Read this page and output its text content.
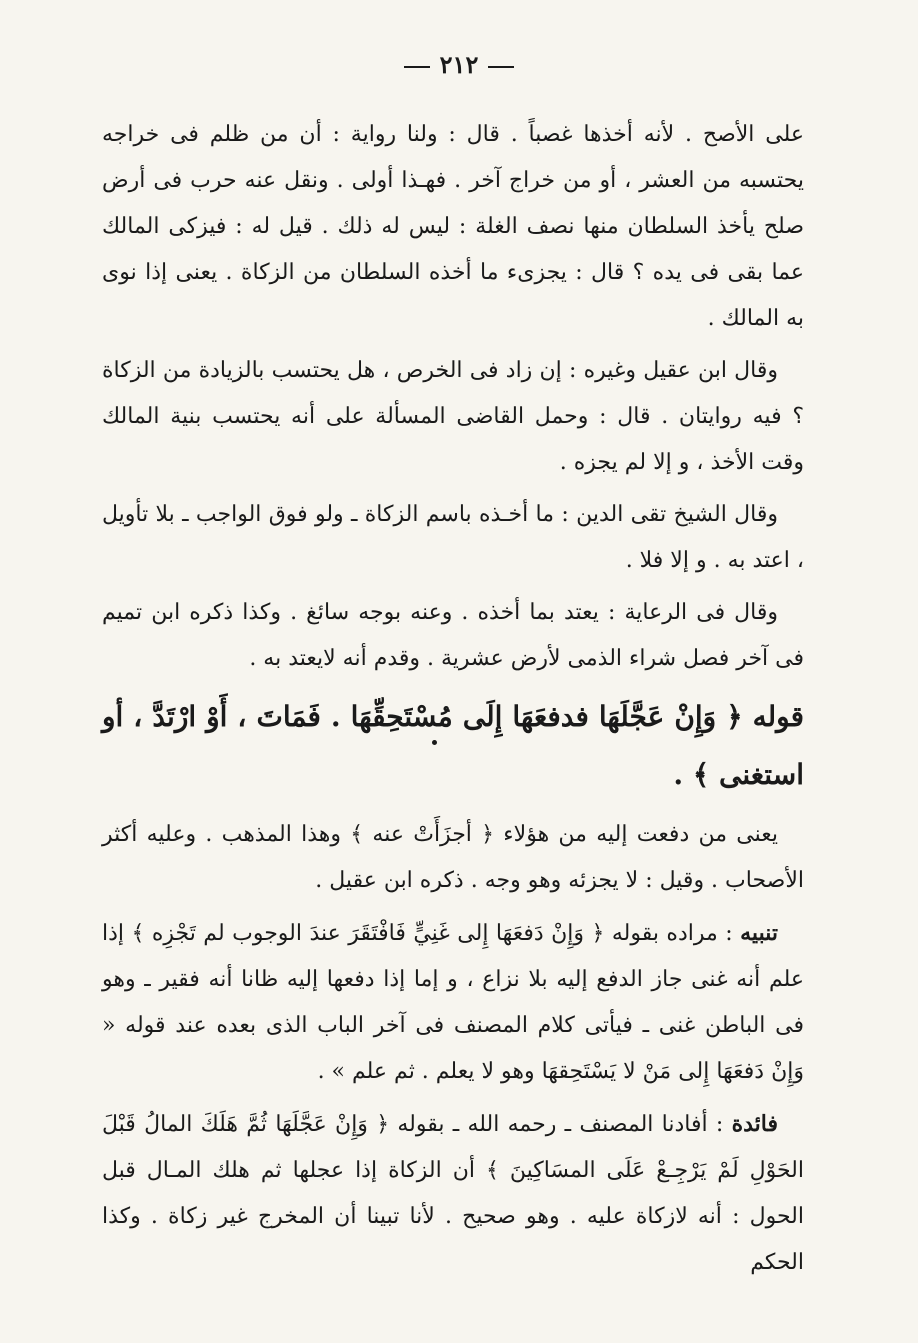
٢١٢

على الأصح . لأنه أخذها غصباً . قال : ولنا رواية : أن من ظلم فى خراجه يحتسبه من العشر ، أو من خراج آخر . فهـذا أولى . ونقل عنه حرب فى أرض صلح يأخذ السلطان منها نصف الغلة : ليس له ذلك . قيل له : فيزكى المالك عما بقى فى يده ؟ قال : يجزىء ما أخذه السلطان من الزكاة . يعنى إذا نوى به المالك .

وقال ابن عقيل وغيره : إن زاد فى الخرص ، هل يحتسب بالزيادة من الزكاة ؟ فيه روايتان . قال : وحمل القاضى المسألة على أنه يحتسب بنية المالك وقت الأخذ ، و إلا لم يجزه .

وقال الشيخ تقى الدين : ما أخـذه باسم الزكاة ـ ولو فوق الواجب ـ بلا تأويل ، اعتد به . و إلا فلا .

وقال فى الرعاية : يعتد بما أخذه . وعنه بوجه سائغ . وكذا ذكره ابن تميم فى آخر فصل شراء الذمى لأرض عشرية . وقدم أنه لايعتد به .

قوله ﴿ وَإِنْ عَجَّلَهَا فدفعَهَا إِلَى مُسْتَحِقِّهَا . فَمَاتَ ، أَوْ ارْتَدَّ ، أو استغنى ﴾ .

يعنى من دفعت إليه من هؤلاء ﴿ أجزَأَتْ عنه ﴾ وهذا المذهب . وعليه أكثر الأصحاب . وقيل : لا يجزئه وهو وجه . ذكره ابن عقيل .

تنبيه : مراده بقوله ﴿ وَإِنْ دَفعَهَا إِلى غَنِيٍّ فَافْتَقَرَ عندَ الوجوب لم تَجْزِه ﴾ إذا علم أنه غنى جاز الدفع إليه بلا نزاع ، و إما إذا دفعها إليه ظانا أنه فقير ـ وهو فى الباطن غنى ـ فيأتى كلام المصنف فى آخر الباب الذى بعده عند قوله « وَإِنْ دَفعَهَا إِلى مَنْ لا يَسْتَحِقهَا وهو لا يعلم . ثم علم » .

فائدة : أفادنا المصنف ـ رحمه الله ـ بقوله ﴿ وَإِنْ عَجَّلَهَا ثُمَّ هَلَكَ المالُ قَبْلَ الحَوْلِ لَمْ يَرْجِـعْ عَلَى المسَاكِينَ ﴾ أن الزكاة إذا عجلها ثم هلك المـال قبل الحول : أنه لازكاة عليه . وهو صحيح . لأنا تبينا أن المخرج غير زكاة . وكذا الحكم
